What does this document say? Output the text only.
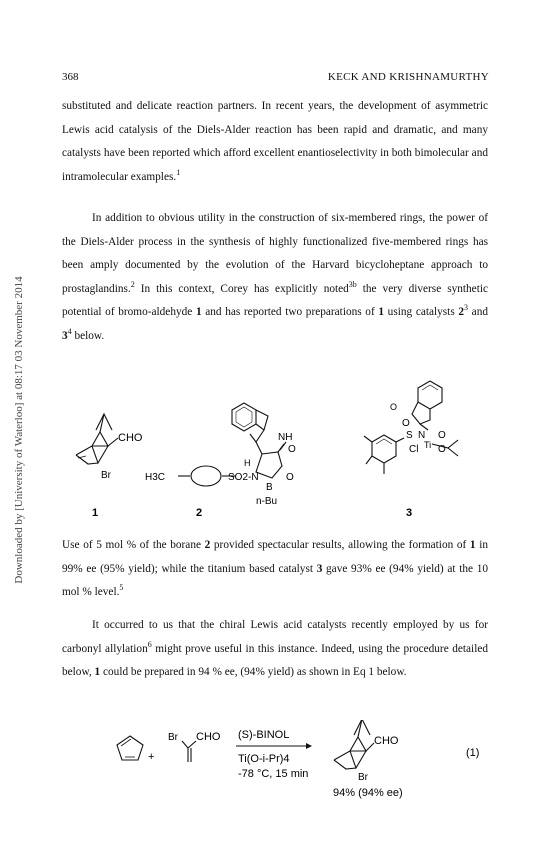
Downloaded by [University of Waterloo] at 08:17 03 November 2014
368	KECK AND KRISHNAMURTHY

substituted and delicate reaction partners. In recent years, the development of asymmetric Lewis acid catalysis of the Diels-Alder reaction has been rapid and dramatic, and many catalysts have been reported which afford excellent enantioselectivity in both bimolecular and intramolecular examples.$^1$

In addition to obvious utility in the construction of six-membered rings, the power of the Diels-Alder process in the synthesis of highly functionalized five-membered rings has been amply documented by the evolution of the Harvard bicycloheptane approach to prostaglandins.$^2$ In this context, Corey has explicitly noted$^{3b}$ the very diverse synthetic potential of bromo-aldehyde 1 and has reported two preparations of 1 using catalysts $2^3$ and $3^4$ below.

CHO
Br
1
NH
O
H
H3C	SO2-N	O
B
n-Bu
2
O
S N O
Ti
Cl O
O
3

Use of 5 mol % of the borane 2 provided spectacular results, allowing the formation of 1 in 99% ee (95% yield); while the titanium based catalyst 3 gave 93% ee (94% yield) at the 10 mol % level.$^5$

It occurred to us that the chiral Lewis acid catalysts recently employed by us for carbonyl allylation$^6$ might prove useful in this instance. Indeed, using the procedure detailed below, 1 could be prepared in 94 % ee, (94% yield) as shown in Eq 1 below.

+
Br CHO (S)-BINOL
Ti(O-i-Pr)4
-78 °C, 15 min
CHO
Br
94% (94% ee)
(1)
